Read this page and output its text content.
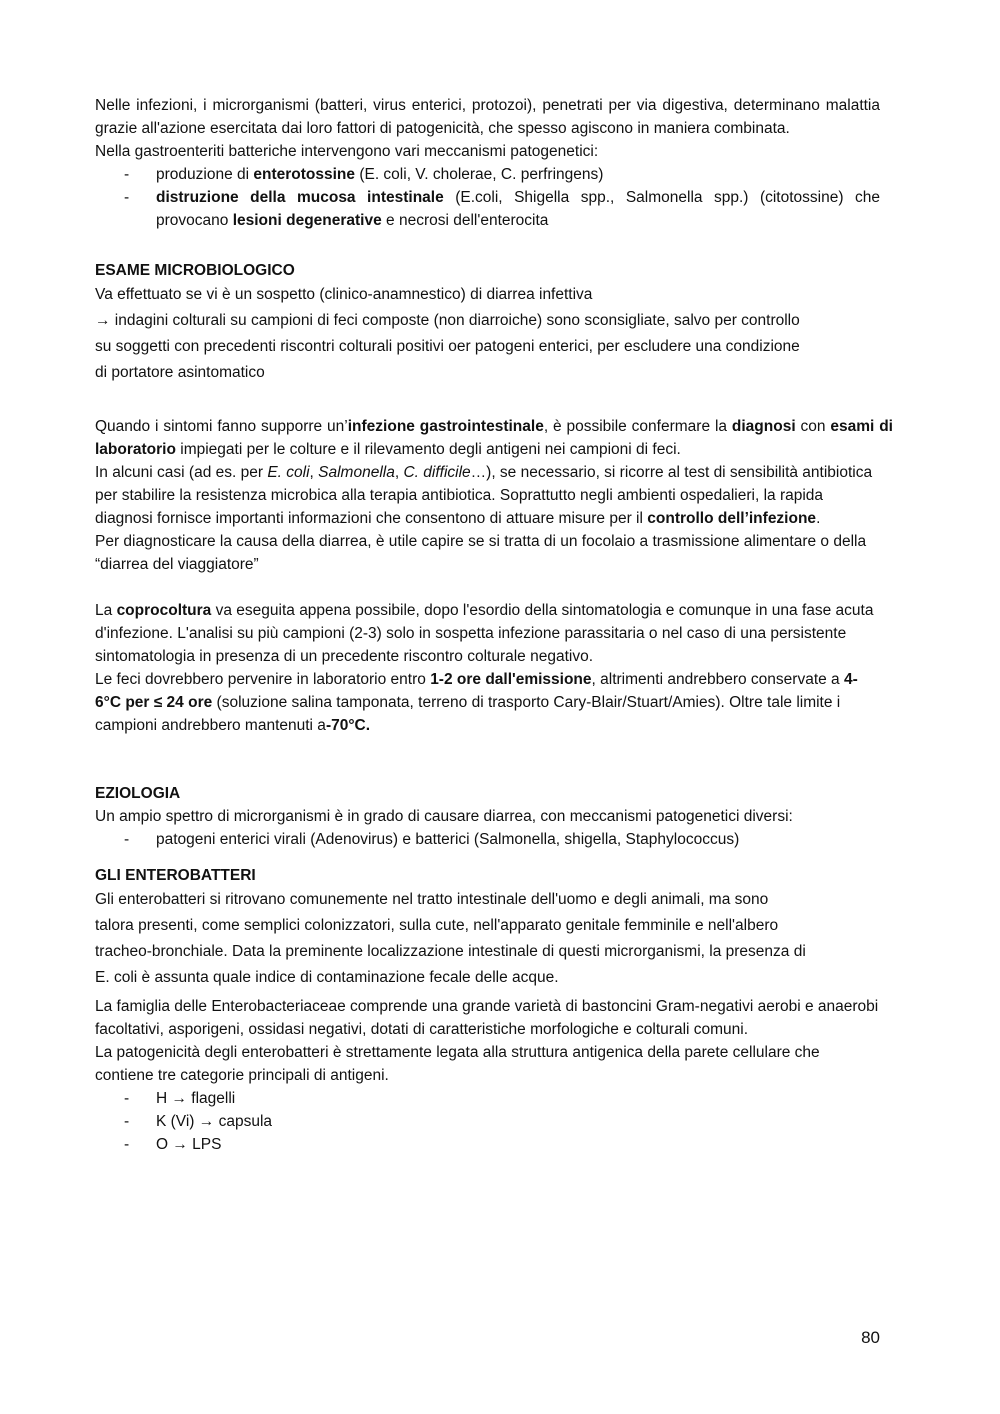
Nelle infezioni, i microrganismi (batteri, virus enterici, protozoi), penetrati per via digestiva, determinano malattia grazie all'azione esercitata dai loro fattori di patogenicità, che spesso agiscono in maniera combinata.

Nella gastroenteriti batteriche intervengono vari meccanismi patogenetici:

- produzione di enterotossine (E. coli, V. cholerae, C. perfringens)
- distruzione della mucosa intestinale (E.coli, Shigella spp., Salmonella spp.) (citotossine) che provocano lesioni degenerative e necrosi dell'enterocita

ESAME MICROBIOLOGICO

Va effettuato se vi è un sospetto (clinico-anamnestico) di diarrea infettiva

→ indagini colturali su campioni di feci composte (non diarroiche) sono sconsigliate, salvo per controllo

su soggetti con precedenti riscontri colturali positivi oer patogeni enterici, per escludere una condizione

di portatore asintomatico

Quando i sintomi fanno supporre un’infezione gastrointestinale, è possibile confermare la diagnosi con esami di laboratorio impiegati per le colture e il rilevamento degli antigeni nei campioni di feci.

In alcuni casi (ad es. per E. coli, Salmonella, C. difficile…), se necessario, si ricorre al test di sensibilità antibiotica per stabilire la resistenza microbica alla terapia antibiotica. Soprattutto negli ambienti ospedalieri, la rapida diagnosi fornisce importanti informazioni che consentono di attuare misure per il controllo dell’infezione.

Per diagnosticare la causa della diarrea, è utile capire se si tratta di un focolaio a trasmissione alimentare o della “diarrea del viaggiatore”

La coprocoltura va eseguita appena possibile, dopo l'esordio della sintomatologia e comunque in una fase acuta d'infezione. L'analisi su più campioni (2-3) solo in sospetta infezione parassitaria o nel caso di una persistente sintomatologia in presenza di un precedente riscontro colturale negativo.

Le feci dovrebbero pervenire in laboratorio entro 1-2 ore dall'emissione, altrimenti andrebbero conservate a 4-6°C per ≤ 24 ore (soluzione salina tamponata, terreno di trasporto Cary-Blair/Stuart/Amies). Oltre tale limite i campioni andrebbero mantenuti a-70°C.

EZIOLOGIA

Un ampio spettro di microrganismi è in grado di causare diarrea, con meccanismi patogenetici diversi:

- patogeni enterici virali (Adenovirus) e batterici (Salmonella, shigella, Staphylococcus)

GLI ENTEROBATTERI

Gli enterobatteri si ritrovano comunemente nel tratto intestinale dell'uomo e degli animali, ma sono

talora presenti, come semplici colonizzatori, sulla cute, nell'apparato genitale femminile e nell'albero

tracheo-bronchiale. Data la preminente localizzazione intestinale di questi microrganismi, la presenza di

E. coli è assunta quale indice di contaminazione fecale delle acque.

La famiglia delle Enterobacteriaceae comprende una grande varietà di bastoncini Gram-negativi aerobi e anaerobi facoltativi, asporigeni, ossidasi negativi, dotati di caratteristiche morfologiche e colturali comuni.

La patogenicità degli enterobatteri è strettamente legata alla struttura antigenica della parete cellulare che contiene tre categorie principali di antigeni.

- H → flagelli
- K (Vi) → capsula
- O → LPS
80
